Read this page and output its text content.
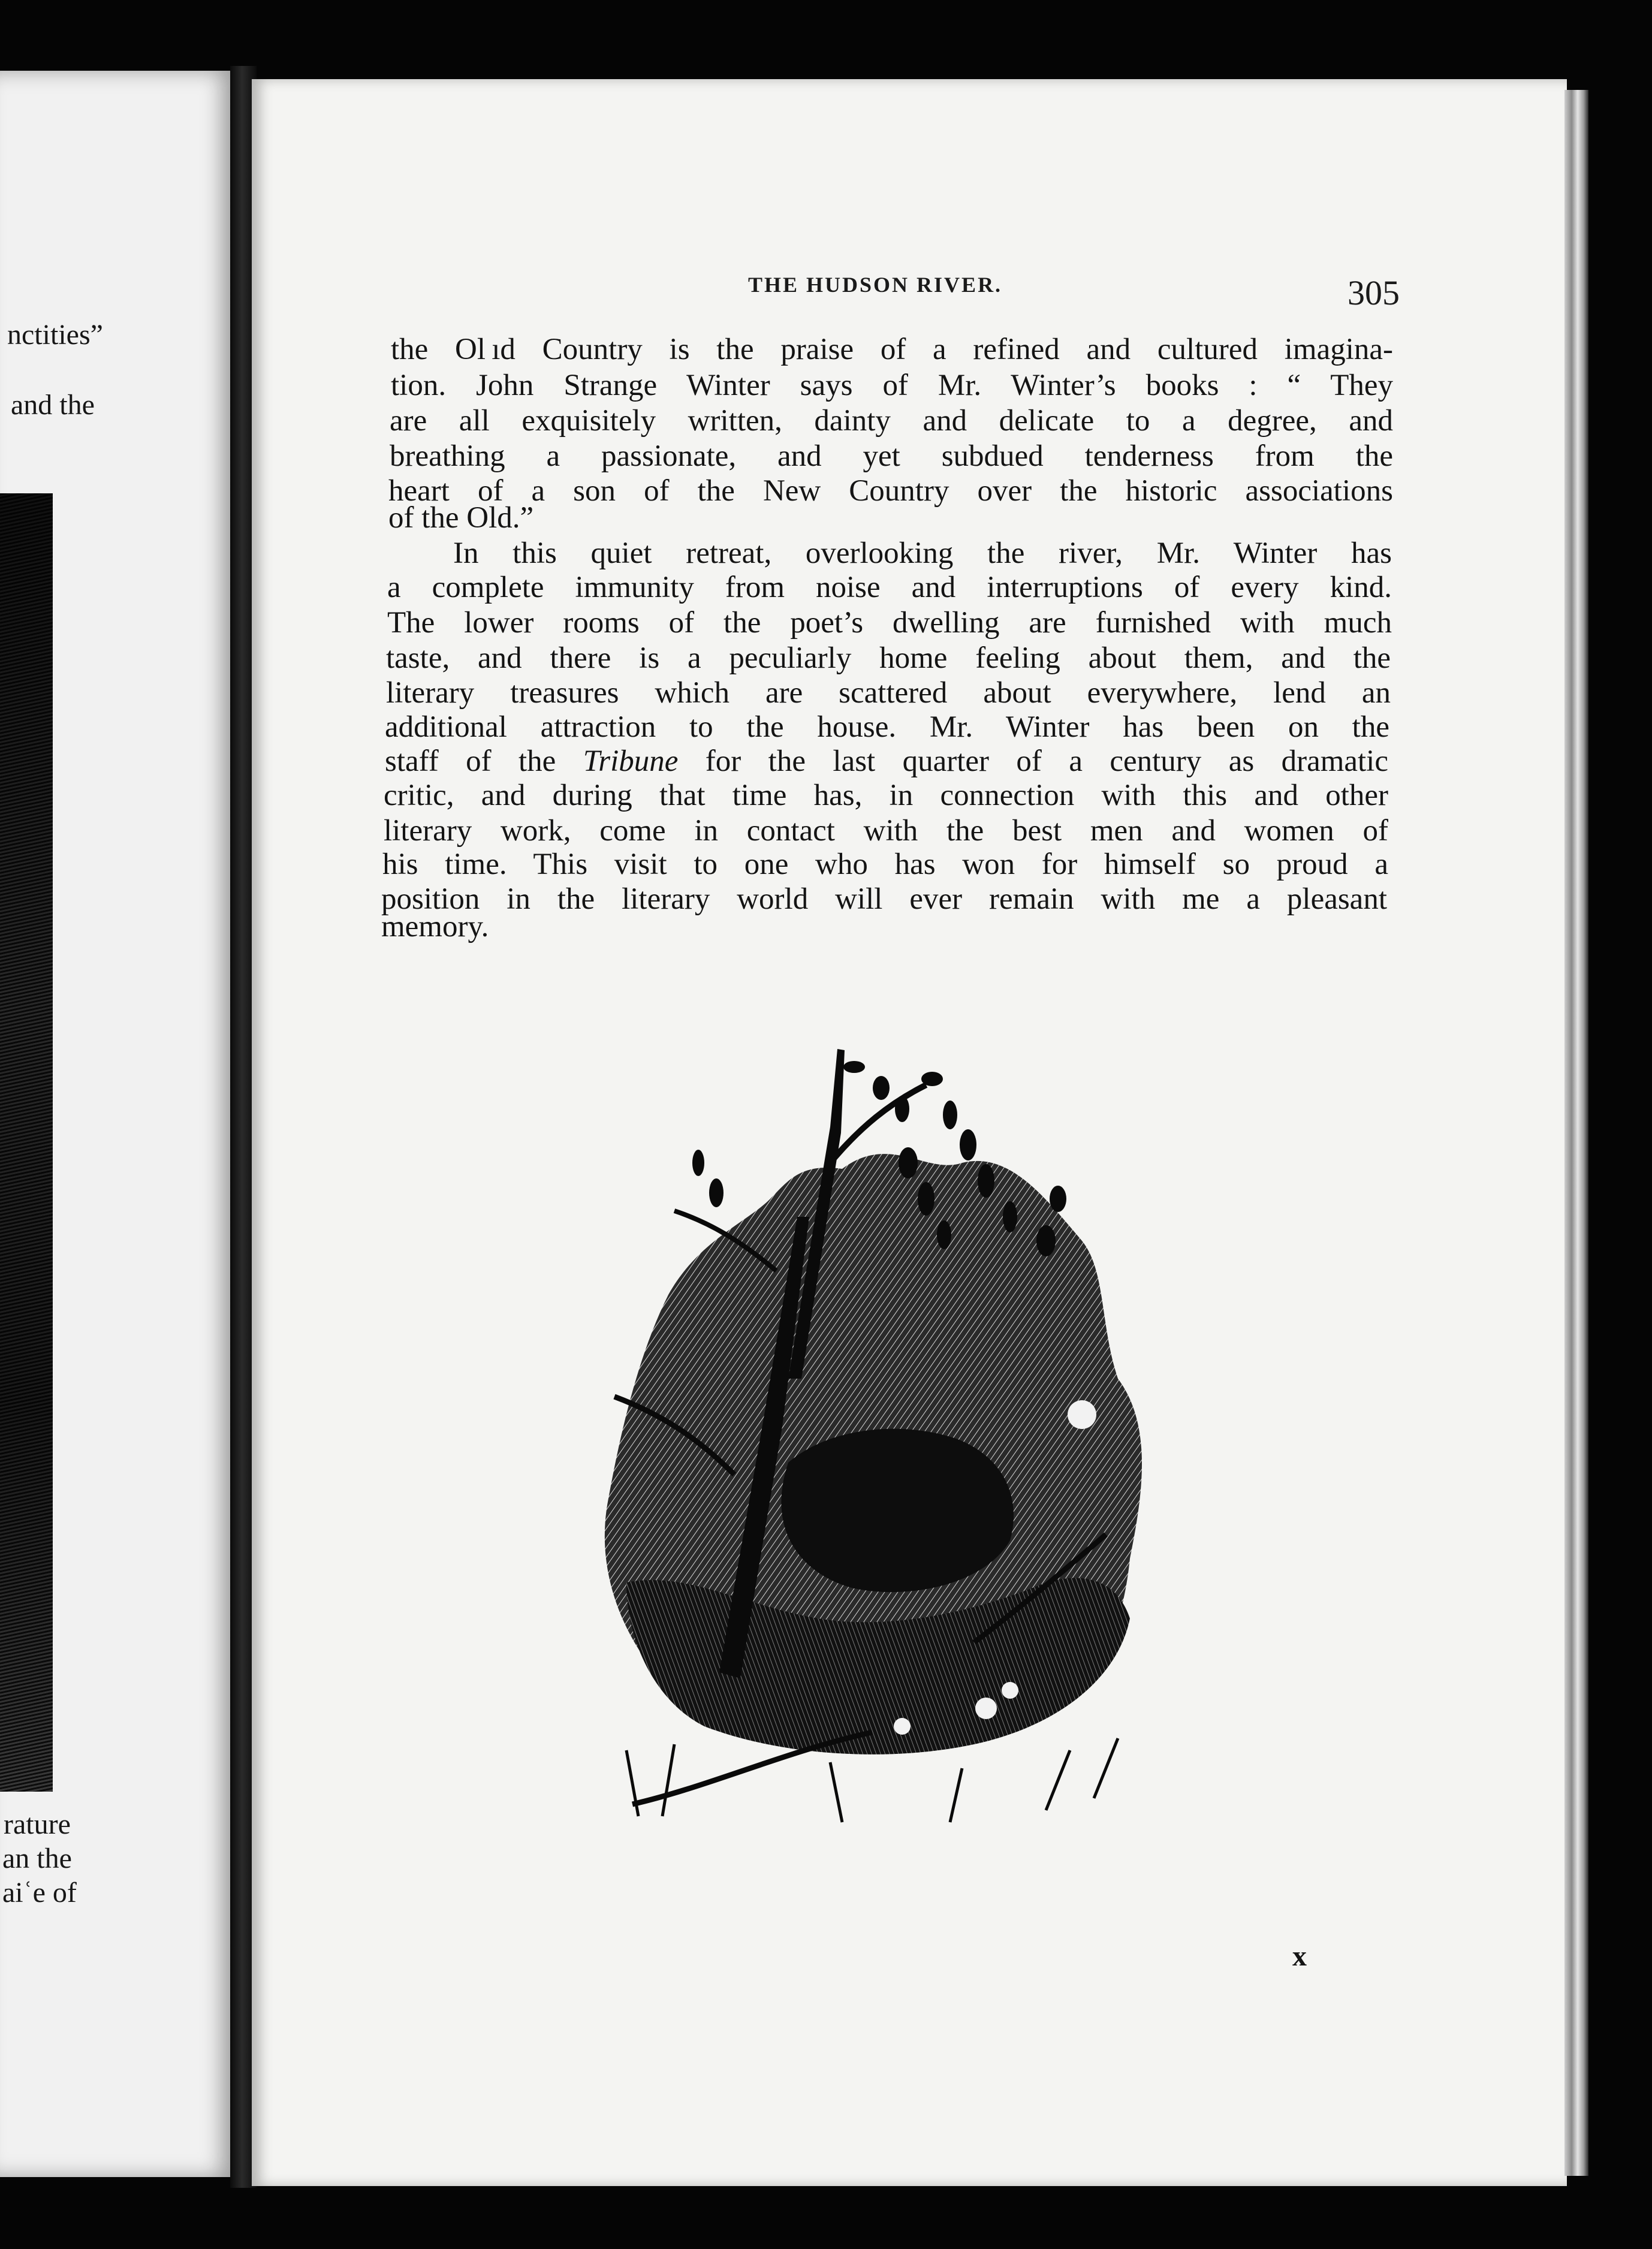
nctities”
and the
rature
an the
aiʿe of
THE HUDSON RIVER.	305
the Ol ıd Country is the praise of a refined and cultured imagina-
tion. John Strange Winter says of Mr. Winter’s books : “ They
are all exquisitely written, dainty and delicate to a degree, and
breathing a passionate, and yet subdued tenderness from the
heart of a son of the New Country over the historic associations
of the Old.”
In this quiet retreat, overlooking the river, Mr. Winter has
a complete immunity from noise and interruptions of every kind.
The lower rooms of the poet’s dwelling are furnished with much
taste, and there is a peculiarly home feeling about them, and the
literary treasures which are scattered about everywhere, lend an
additional attraction to the house. Mr. Winter has been on the
staff of the Tribune for the last quarter of a century as dramatic
critic, and during that time has, in connection with this and other
literary work, come in contact with the best men and women of
his time. This visit to one who has won for himself so proud a
position in the literary world will ever remain with me a pleasant
memory.
x
